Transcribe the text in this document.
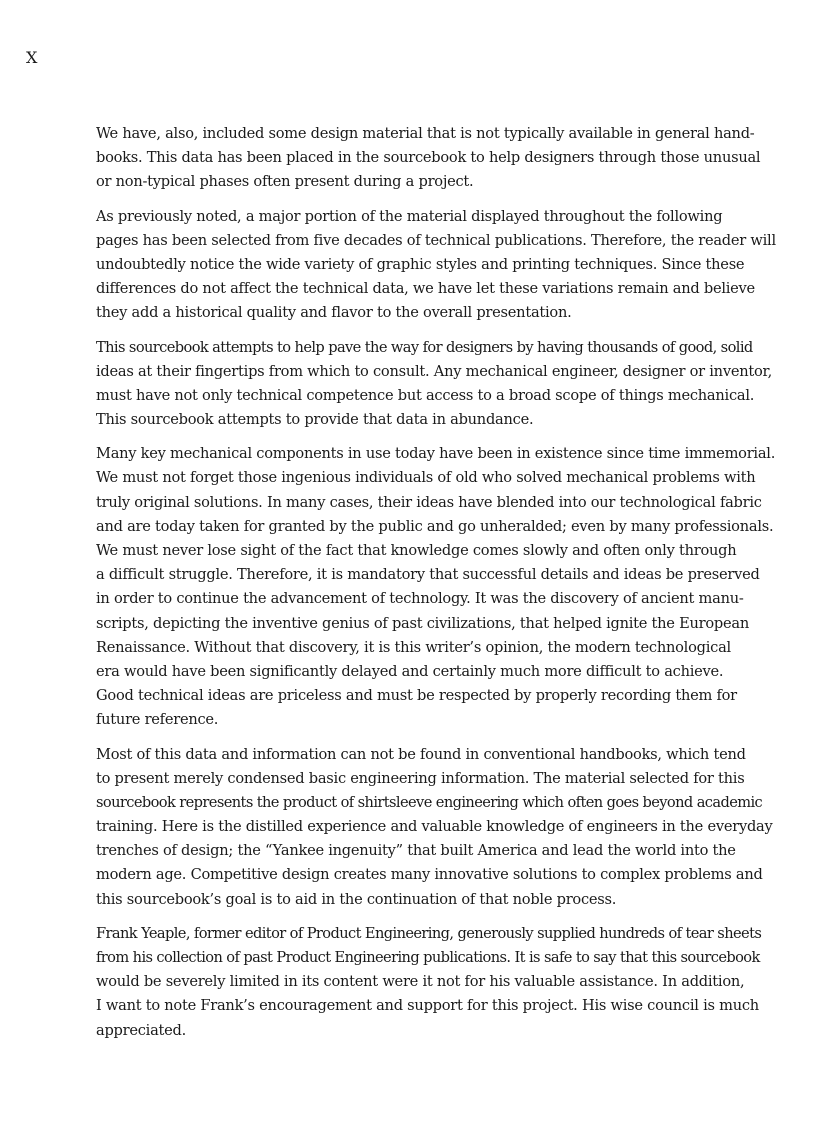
X

We have, also, included some design material that is not typically available in general hand-
books. This data has been placed in the sourcebook to help designers through those unusual
or non-typical phases often present during a project.

As previously noted, a major portion of the material displayed throughout the following
pages has been selected from five decades of technical publications. Therefore, the reader will
undoubtedly notice the wide variety of graphic styles and printing techniques. Since these
differences do not affect the technical data, we have let these variations remain and believe
they add a historical quality and flavor to the overall presentation.

This sourcebook attempts to help pave the way for designers by having thousands of good, solid
ideas at their fingertips from which to consult. Any mechanical engineer, designer or inventor,
must have not only technical competence but access to a broad scope of things mechanical.
This sourcebook attempts to provide that data in abundance.

Many key mechanical components in use today have been in existence since time immemorial.
We must not forget those ingenious individuals of old who solved mechanical problems with
truly original solutions. In many cases, their ideas have blended into our technological fabric
and are today taken for granted by the public and go unheralded; even by many professionals.
We must never lose sight of the fact that knowledge comes slowly and often only through
a difficult struggle. Therefore, it is mandatory that successful details and ideas be preserved
in order to continue the advancement of technology. It was the discovery of ancient manu-
scripts, depicting the inventive genius of past civilizations, that helped ignite the European
Renaissance. Without that discovery, it is this writer’s opinion, the modern technological
era would have been significantly delayed and certainly much more difficult to achieve.
Good technical ideas are priceless and must be respected by properly recording them for
future reference.

Most of this data and information can not be found in conventional handbooks, which tend
to present merely condensed basic engineering information. The material selected for this
sourcebook represents the product of shirtsleeve engineering which often goes beyond academic
training. Here is the distilled experience and valuable knowledge of engineers in the everyday
trenches of design; the “Yankee ingenuity” that built America and lead the world into the
modern age. Competitive design creates many innovative solutions to complex problems and
this sourcebook’s goal is to aid in the continuation of that noble process.

Frank Yeaple, former editor of Product Engineering, generously supplied hundreds of tear sheets
from his collection of past Product Engineering publications. It is safe to say that this sourcebook
would be severely limited in its content were it not for his valuable assistance. In addition,
I want to note Frank’s encouragement and support for this project. His wise council is much
appreciated.
